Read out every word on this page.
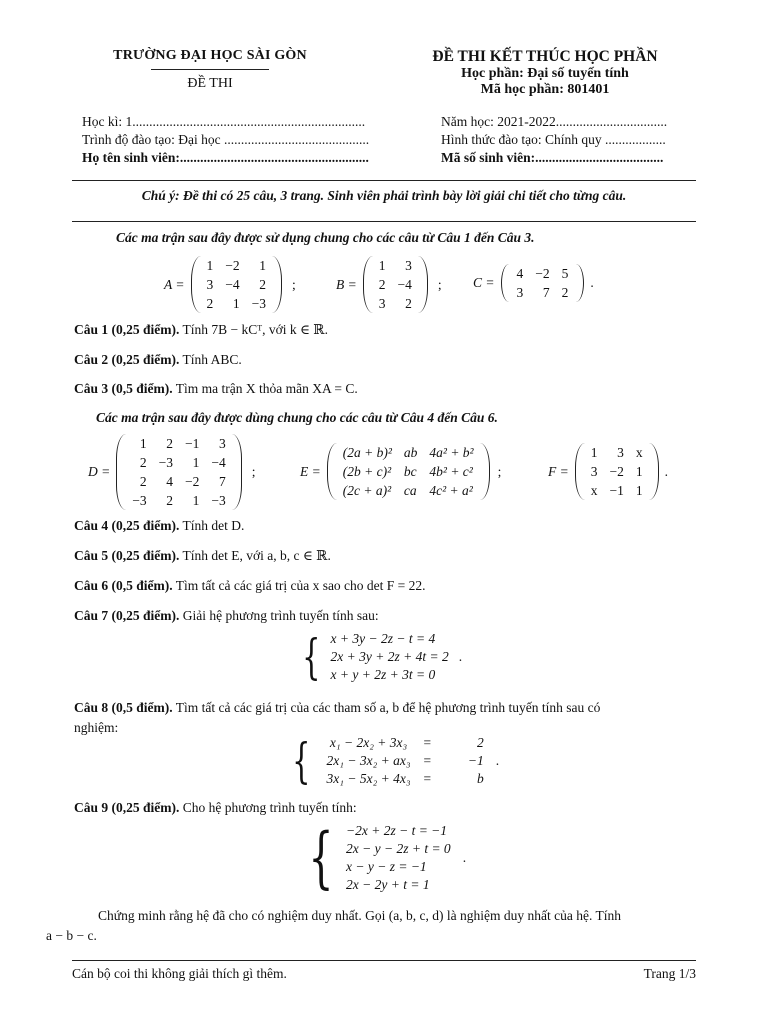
TRƯỜNG ĐẠI HỌC SÀI GÒN
ĐỀ THI
ĐỀ THI KẾT THÚC HỌC PHẦN
Học phần: Đại số tuyến tính
Mã học phần: 801401
Học kì: 1.....................................................................
Trình độ đào tạo: Đại học ...........................................
Họ tên sinh viên:........................................................
Năm học: 2021-2022.................................
Hình thức đào tạo: Chính quy ..................
Mã số sinh viên:......................................
Chú ý: Đề thi có 25 câu, 3 trang. Sinh viên phải trình bày lời giải chi tiết cho từng câu.
Các ma trận sau đây được sử dụng chung cho các câu từ Câu 1 đến Câu 3.
A =
1	−2	1
3	−4	2
2	1	−3
;	B =
1	3
2	−4
3	2
; C =
4	−2	5
3	7	2
.
Câu 1 (0,25 điểm). Tính 7B − kCᵀ, với k ∈ ℝ.
Câu 2 (0,25 điểm). Tính ABC.
Câu 3 (0,5 điểm). Tìm ma trận X thỏa mãn XA = C.
Các ma trận sau đây được dùng chung cho các câu từ Câu 4 đến Câu 6.
D =
1	2	−1	3
2	−3	1	−4
2	4	−2	7
−3	2	1	−3
;	E =
(2a + b)²	ab	4a² + b²
(2b + c)²	bc	4b² + c²
(2c + a)²	ca	4c² + a²
;	F =
1	3	x
3	−2	1
x	−1	1
.
Câu 4 (0,25 điểm). Tính det D.
Câu 5 (0,25 điểm). Tính det E, với a, b, c ∈ ℝ.
Câu 6 (0,5 điểm). Tìm tất cả các giá trị của x sao cho det F = 22.
Câu 7 (0,25 điểm). Giải hệ phương trình tuyến tính sau:
{ x + 3y − 2z − t = 4
2x + 3y + 2z + 4t = 2
x + y + 2z + 3t = 0
.
Câu 8 (0,5 điểm). Tìm tất cả các giá trị của các tham số a, b để hệ phương trình tuyến tính sau có
nghiệm:
{ x₁ − 2x₂ + 3x₃	=	2
2x₁ − 3x₂ + ax₃	=	−1
3x₁ − 5x₂ + 4x₃	=	b
.
Câu 9 (0,25 điểm). Cho hệ phương trình tuyến tính:
{ −2x + 2z − t = −1
2x − y − 2z + t = 0
x − y − z = −1
2x − 2y + t = 1
.
Chứng minh rằng hệ đã cho có nghiệm duy nhất. Gọi (a, b, c, d) là nghiệm duy nhất của hệ. Tính
a − b − c.
Cán bộ coi thi không giải thích gì thêm.	Trang 1/3
